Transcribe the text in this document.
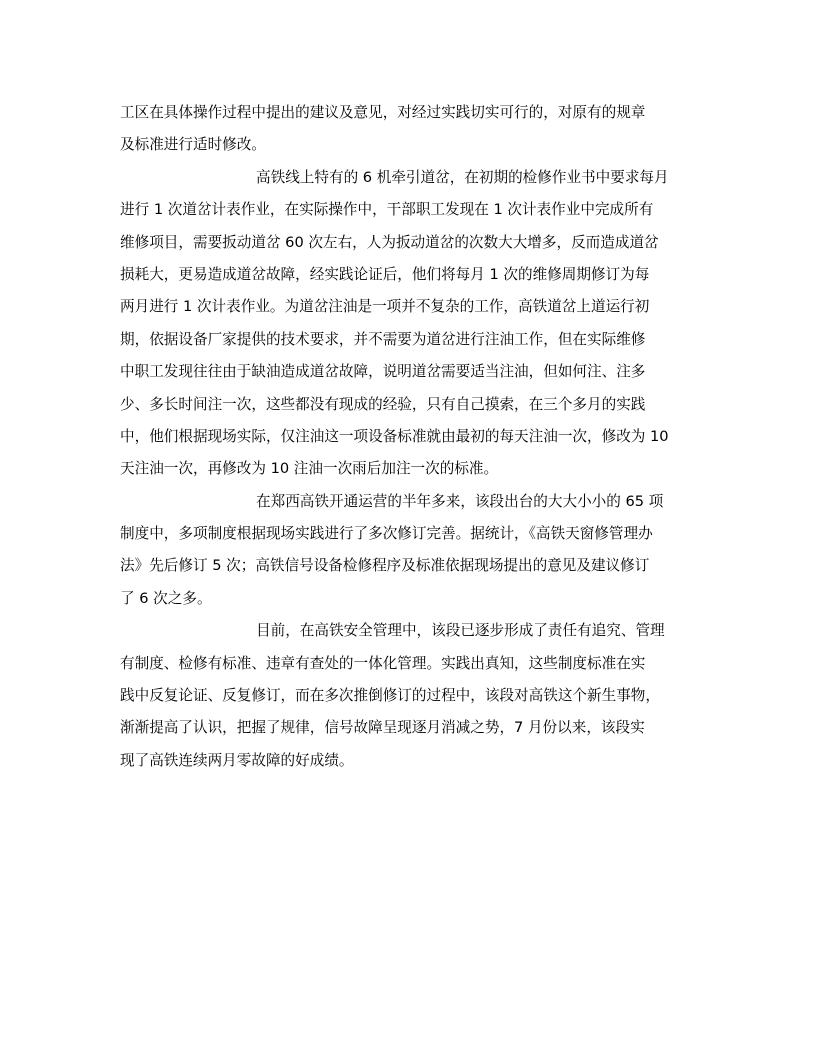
工区在具体操作过程中提出的建议及意见，对经过实践切实可行的，对原有的规章
及标准进行适时修改。
高铁线上特有的 6 机牵引道岔，在初期的检修作业书中要求每月
进行 1 次道岔计表作业，在实际操作中，干部职工发现在 1 次计表作业中完成所有
维修项目，需要扳动道岔 60 次左右，人为扳动道岔的次数大大增多，反而造成道岔
损耗大，更易造成道岔故障，经实践论证后，他们将每月 1 次的维修周期修订为每
两月进行 1 次计表作业。为道岔注油是一项并不复杂的工作，高铁道岔上道运行初
期，依据设备厂家提供的技术要求，并不需要为道岔进行注油工作，但在实际维修
中职工发现往往由于缺油造成道岔故障，说明道岔需要适当注油，但如何注、注多
少、多长时间注一次，这些都没有现成的经验，只有自己摸索，在三个多月的实践
中，他们根据现场实际，仅注油这一项设备标准就由最初的每天注油一次，修改为 10
天注油一次，再修改为 10 注油一次雨后加注一次的标准。
在郑西高铁开通运营的半年多来，该段出台的大大小小的 65 项
制度中，多项制度根据现场实践进行了多次修订完善。据统计，《高铁天窗修管理办
法》先后修订 5 次；高铁信号设备检修程序及标准依据现场提出的意见及建议修订
了 6 次之多。
目前，在高铁安全管理中，该段已逐步形成了责任有追究、管理
有制度、检修有标准、违章有查处的一体化管理。实践出真知，这些制度标准在实
践中反复论证、反复修订，而在多次推倒修订的过程中，该段对高铁这个新生事物，
渐渐提高了认识，把握了规律，信号故障呈现逐月消减之势，7 月份以来，该段实
现了高铁连续两月零故障的好成绩。
